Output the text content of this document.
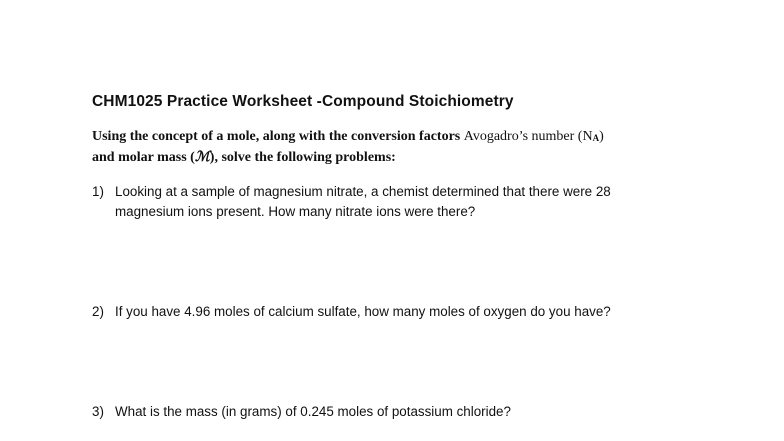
CHM1025 Practice Worksheet -Compound Stoichiometry
Using the concept of a mole, along with the conversion factors Avogadro’s number (NA)
and molar mass (ℳ), solve the following problems:
1) Looking at a sample of magnesium nitrate, a chemist determined that there were 28
magnesium ions present. How many nitrate ions were there?
2) If you have 4.96 moles of calcium sulfate, how many moles of oxygen do you have?
3) What is the mass (in grams) of 0.245 moles of potassium chloride?
